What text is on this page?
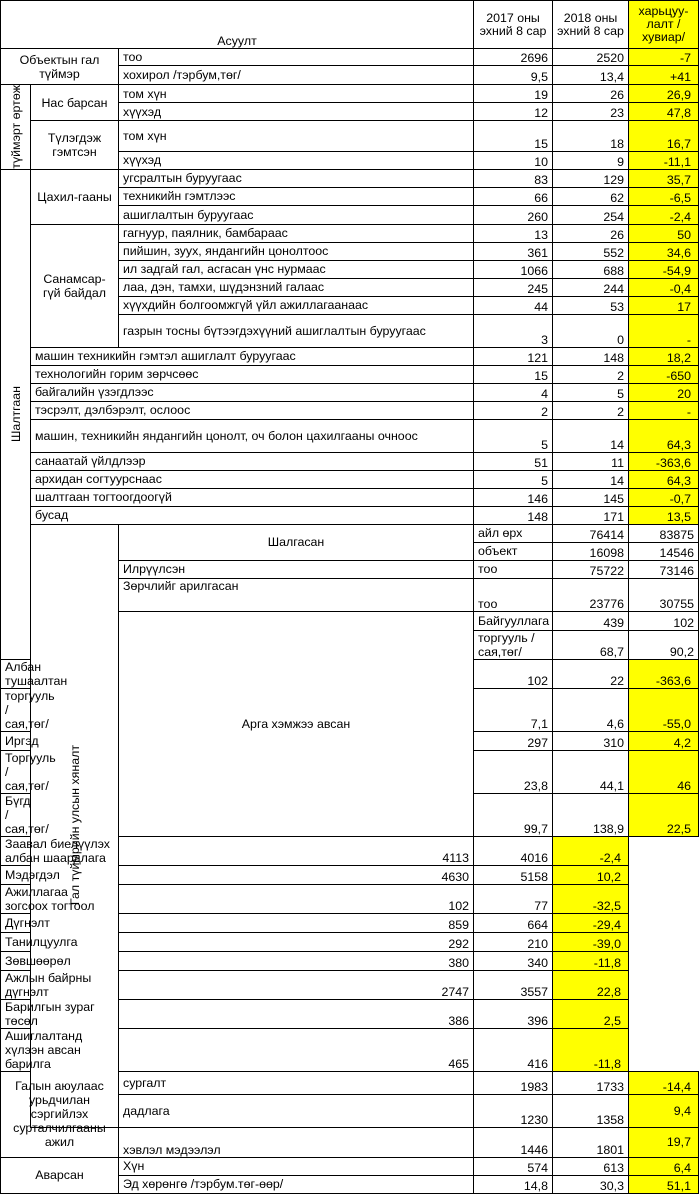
Асуулт			2017 оны эхний 8 сар	2018 оны эхний 8 сар	харьцуу-лалт /хувиар/	
Объектын гал түймэр		тоо	2696	2520	-7	
		хохирол /тэрбум,төг/	9,5	13,4	+41	
түймэрт өртөж	Нас барсан	том хүн	19	26	26,9	
		хүүхэд	12	23	47,8	
	Түлэгдэж гэмтсэн	том хүн	15	18	16,7	
		хүүхэд	10	9	-11,1	
Шалтгаан	Цахил-гааны	угсралтын буруугаас	83	129	35,7	
		техникийн гэмтлээс	66	62	-6,5	
		ашиглалтын буруугаас	260	254	-2,4	
	Санамсар-гүй байдал	гагнуур, паялник, бамбараас	13	26	50	
		пийшин, зуух, яндангийн цонолтоос	361	552	34,6	
		ил задгай гал, асгасан үнс нурмаас	1066	688	-54,9	
		лаа, дэн, тамхи, шүдэнзний галаас	245	244	-0,4	
		хүүхдийн болгоомжгүй үйл ажиллагаанаас	44	53	17	
		газрын тосны бүтээгдэхүүний ашиглалтын буруугаас	3	0	-	
	машин техникийн гэмтэл ашиглалт буруугаас		121	148	18,2	
	технологийн горим зөрчсөөс		15	2	-650	
	байгалийн үзэгдлээс		4	5	20	
	тэсрэлт, дэлбэрэлт, ослоос		2	2	-	
	машин, техникийн яндангийн цонолт, оч болон цахилгааны очноос		5	14	64,3	
	санаатай үйлдлээр		51	11	-363,6	
	архидан согтуурснаас		5	14	64,3	
	шалтгаан тогтоогдоогүй		146	145	-0,7	
	бусад		148	171	13,5	
	Гал түймрийн улсын хяналт	Шалгасан	айл өрх	76414	83875	
			объект	16098	14546	
		Илрүүлсэн	тоо	75722	73146	
		Зөрчлийг арилгасан	тоо	23776	30755	
		Арга хэмжээ авсан	Байгууллага	439	102	
			торгууль /сая,төг/	68,7	90,2	
Албан тушаалтан			102	22	-363,6	
торгууль /сая,төг/			7,1	4,6	-55,0	
Иргэд			297	310	4,2	
Торгууль /сая,төг/			23,8	44,1	46	
Бүгд /сая,төг/			99,7	138,9	22,5	
Заавал биелүүлэх албан шаардлага		4113	4016	-2,4		
Мэдэгдэл		4630	5158	10,2		
Ажиллагаа зогсоох тогтоол		102	77	-32,5		
Дүгнэлт		859	664	-29,4		
Танилцуулга		292	210	-39,0		
Зөвшөөрөл		380	340	-11,8		
Ажлын байрны дүгнэлт		2747	3557	22,8		
Барилгын зураг төсөл		386	396	2,5		
Ашиглалтанд хүлээн авсан барилга		465	416	-11,8		
Галын аюулаас урьдчилан сэргийлэх сурталчилгааны ажил		сургалт	1983	1733	-14,4	
		дадлага	1230	1358	9,4	
		хэвлэл мэдээлэл	1446	1801	19,7	
Аварсан		Хүн	574	613	6,4	
		Эд хөрөнгө /тэрбум.төг-өөр/	14,8	30,3	51,1	
